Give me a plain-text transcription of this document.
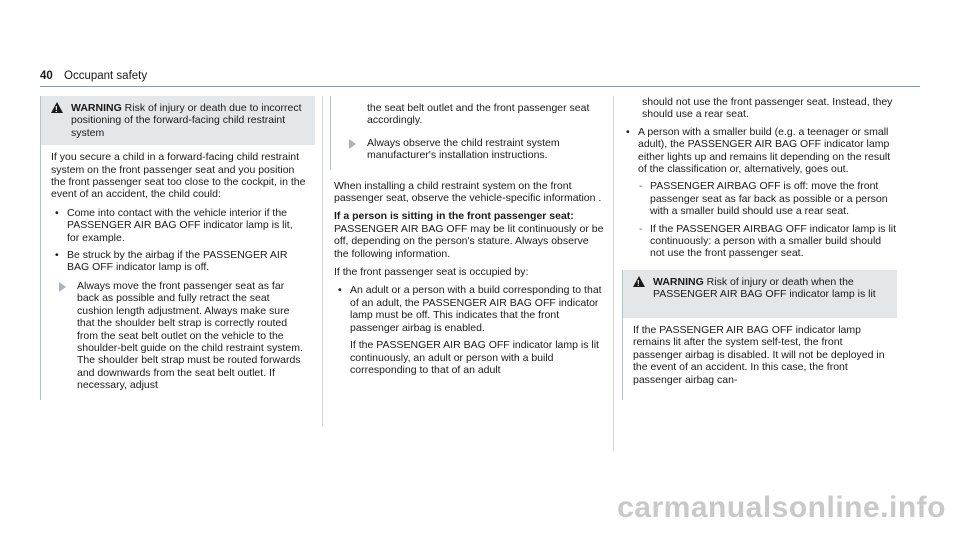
40 Occupant safety
!
WARNING Risk of injury or death due to incorrect positioning of the forward-facing child restraint system

If you secure a child in a forward-facing child restraint system on the front passenger seat and you position the front passenger seat too close to the cockpit, in the event of an accident, the child could:

• Come into contact with the vehicle interior if the PASSENGER AIR BAG OFF indicator lamp is lit, for example.
• Be struck by the airbag if the PASSENGER AIR BAG OFF indicator lamp is off.
Always move the front passenger seat as far back as possible and fully retract the seat cushion length adjustment. Always make sure that the shoulder belt strap is correctly routed from the seat belt outlet on the vehicle to the shoulder-belt guide on the child restraint system. The shoulder belt strap must be routed forwards and downwards from the seat belt outlet. If necessary, adjust
the seat belt outlet and the front passenger seat accordingly.
Always observe the child restraint system manufacturer's installation instructions.

When installing a child restraint system on the front passenger seat, observe the vehicle-specific information .

If a person is sitting in the front passenger seat: PASSENGER AIR BAG OFF may be lit continuously or be off, depending on the person's stature. Always observe the following information.

If the front passenger seat is occupied by:

• An adult or a person with a build corresponding to that of an adult, the PASSENGER AIR BAG OFF indicator lamp must be off. This indicates that the front passenger airbag is enabled.

If the PASSENGER AIR BAG OFF indicator lamp is lit continuously, an adult or person with a build corresponding to that of an adult

should not use the front passenger seat. Instead, they should use a rear seat.
• A person with a smaller build (e.g. a teenager or small adult), the PASSENGER AIR BAG OFF indicator lamp either lights up and remains lit depending on the result of the classification or, alternatively, goes out.
- PASSENGER AIRBAG OFF is off: move the front passenger seat as far back as possible or a person with a smaller build should use a rear seat.
- If the PASSENGER AIRBAG OFF indicator lamp is lit continuously: a person with a smaller build should not use the front passenger seat.
!
WARNING Risk of injury or death when the PASSENGER AIR BAG OFF indicator lamp is lit

If the PASSENGER AIR BAG OFF indicator lamp remains lit after the system self-test, the front passenger airbag is disabled. It will not be deployed in the event of an accident. In this case, the front passenger airbag can-

carmanualsonline.info
